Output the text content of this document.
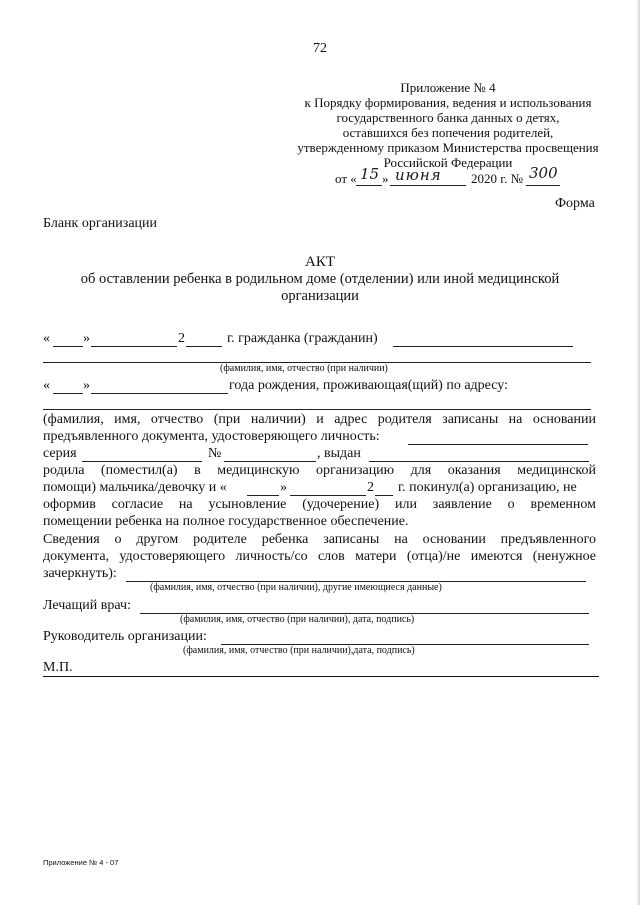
72
Приложение № 4
к Порядку формирования, ведения и использования
государственного банка данных о детях,
оставшихся без попечения родителей,
утвержденному приказом Министерства просвещения
Российской Федерации
от « 15 » июня 2020 г. № 300
Форма
Бланк организации
АКТ
об оставлении ребенка в родильном доме (отделении) или иной медицинской
организации
« »	2	г. гражданка (гражданин)
(фамилия, имя, отчество (при наличии)
« »	года рождения, проживающая(щий) по адресу:
(фамилия, имя, отчество (при наличии) и адрес родителя записаны на основании
предъявленного документа, удостоверяющего личность:
серия	№	, выдан
родила (поместил(а) в медицинскую организацию для оказания медицинской
помощи) мальчика/девочку и «	»	2 г. покинул(а) организацию, не
оформив согласие на усыновление (удочерение) или заявление о временном
помещении ребенка на полное государственное обеспечение.
Сведения о другом родителе ребенка записаны на основании предъявленного
документа, удостоверяющего личность/со слов матери (отца)/не имеются (ненужное
зачеркнуть):
(фамилия, имя, отчество (при наличии), другие имеющиеся данные)
Лечащий врач:
(фамилия, имя, отчество (при наличии), дата, подпись)
Руководитель организации:
(фамилия, имя, отчество (при наличии),дата, подпись)
М.П.
Приложение № 4 - 07
